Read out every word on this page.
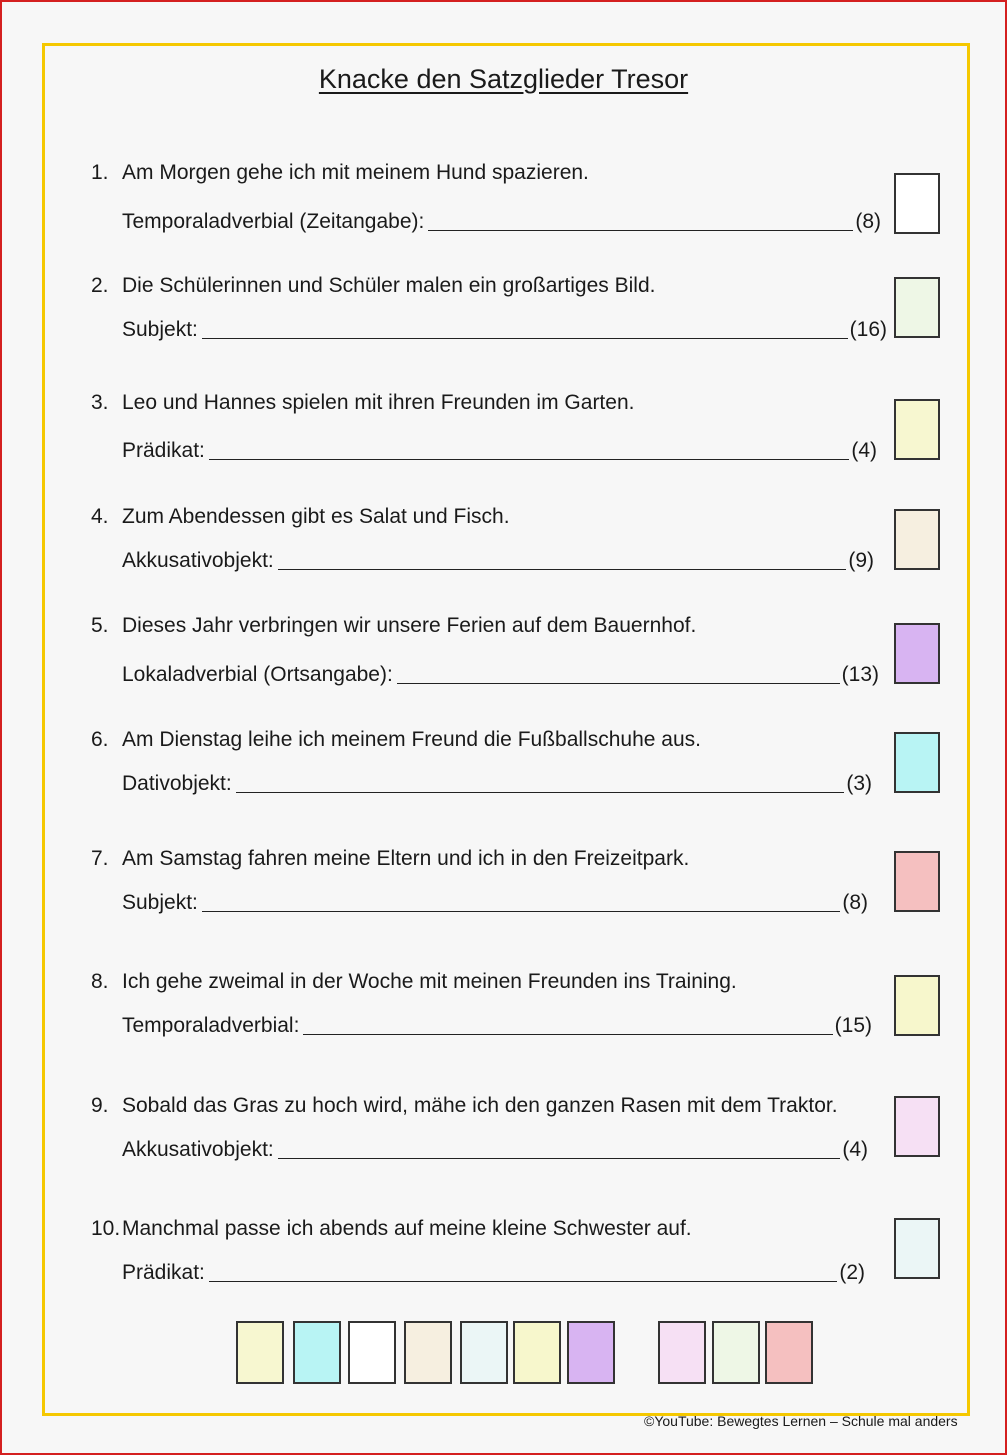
Knacke den Satzglieder Tresor
1. Am Morgen gehe ich mit meinem Hund spazieren.
Temporaladverbial (Zeitangabe):	(8)
2. Die Schülerinnen und Schüler malen ein großartiges Bild.
Subjekt:	(16)
3. Leo und Hannes spielen mit ihren Freunden im Garten.
Prädikat:	(4)
4. Zum Abendessen gibt es Salat und Fisch.
Akkusativobjekt:	(9)
5. Dieses Jahr verbringen wir unsere Ferien auf dem Bauernhof.
Lokaladverbial (Ortsangabe):	(13)
6. Am Dienstag leihe ich meinem Freund die Fußballschuhe aus.
Dativobjekt:	(3)
7. Am Samstag fahren meine Eltern und ich in den Freizeitpark.
Subjekt:	(8)
8. Ich gehe zweimal in der Woche mit meinen Freunden ins Training.
Temporaladverbial:	(15)
9. Sobald das Gras zu hoch wird, mähe ich den ganzen Rasen mit dem Traktor.
Akkusativobjekt:	(4)
10. Manchmal passe ich abends auf meine kleine Schwester auf.
Prädikat:	(2)
©YouTube: Bewegtes Lernen – Schule mal anders
